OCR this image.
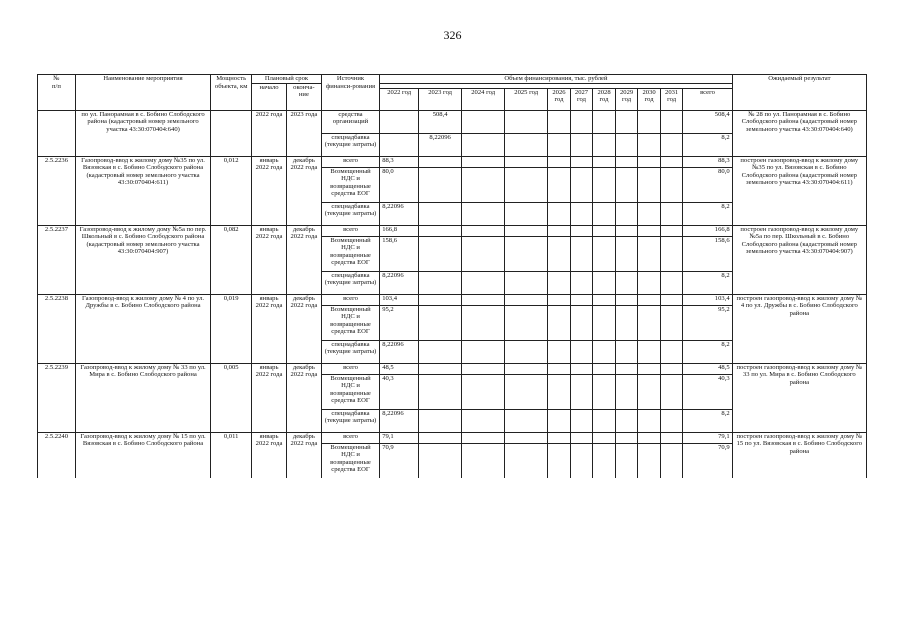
326
№
п/п	Наименование мероприятия	Мощность объекта, км	Плановый срок		Источник финанси-рования	Объем финансирования, тыс. рублей											Ожидаемый результат
			начало	оконча-ние													
						2022 год	2023 год	2024 год	2025 год	2026 год	2027 год	2028 год	2029 год	2030 год	2031 год	всего	
	по ул. Панорамная в с. Бобино Слободского района (кадастровый номер земельного участка 43:30:070404:640)		2022 года	2023 года	средства организаций		508,4									508,4	№ 28 по ул. Панорамная в с. Бобино Слободского района (кадастровый номер земельного участка 43:30:070404:640)
					спецнадбавка (текущие затраты)		8,22096									8,2	
2.5.2236	Газопровод-ввод к жилому дому №35 по ул. Вязовская в с. Бобино Слободского района (кадастровый номер земельного участка 43:30:070404:611)	0,012	январь 2022 года	декабрь 2022 года	всего	88,3										88,3	построен газопровод-ввод к жилому дому №35 по ул. Вязовская в с. Бобино Слободского района (кадастровый номер земельного участка 43:30:070404:611)
					Возмещенный НДС и возвращенные средства ЕОГ	80,0										80,0	
					спецнадбавка (текущие затраты)	8,22096										8,2	
2.5.2237	Газопровод-ввод к жилому дому №5а по пер. Школьный в с. Бобино Слободского района (кадастровый номер земельного участка 43:30:070404:907)	0,082	январь 2022 года	декабрь 2022 года	всего	166,8										166,8	построен газопровод-ввод к жилому дому №5а по пер. Школьный в с. Бобино Слободского района (кадастровый номер земельного участка 43:30:070404:907)
					Возмещенный НДС и возвращенные средства ЕОГ	158,6										158,6	
					спецнадбавка (текущие затраты)	8,22096										8,2	
2.5.2238	Газопровод-ввод к жилому дому № 4 по ул. Дружбы в с. Бобино Слободского района	0,019	январь 2022 года	декабрь 2022 года	всего	103,4										103,4	построен газопровод-ввод к жилому дому № 4 по ул. Дружбы в с. Бобино Слободского района
					Возмещенный НДС и возвращенные средства ЕОГ	95,2										95,2	
					спецнадбавка (текущие затраты)	8,22096										8,2	
2.5.2239	Газопровод-ввод к жилому дому № 33 по ул. Мира в с. Бобино Слободского района	0,005	январь 2022 года	декабрь 2022 года	всего	48,5										48,5	построен газопровод-ввод к жилому дому № 33 по ул. Мира в с. Бобино Слободского района
					Возмещенный НДС и возвращенные средства ЕОГ	40,3										40,3	
					спецнадбавка (текущие затраты)	8,22096										8,2	
2.5.2240	Газопровод-ввод к жилому дому № 15 по ул. Вязовская в с. Бобино Слободского района	0,011	январь 2022 года	декабрь 2022 года	всего	79,1										79,1	построен газопровод-ввод к жилому дому № 15 по ул. Вязовская в с. Бобино Слободского района
					Возмещенный НДС и возвращенные средства ЕОГ	70,9										70,9	
